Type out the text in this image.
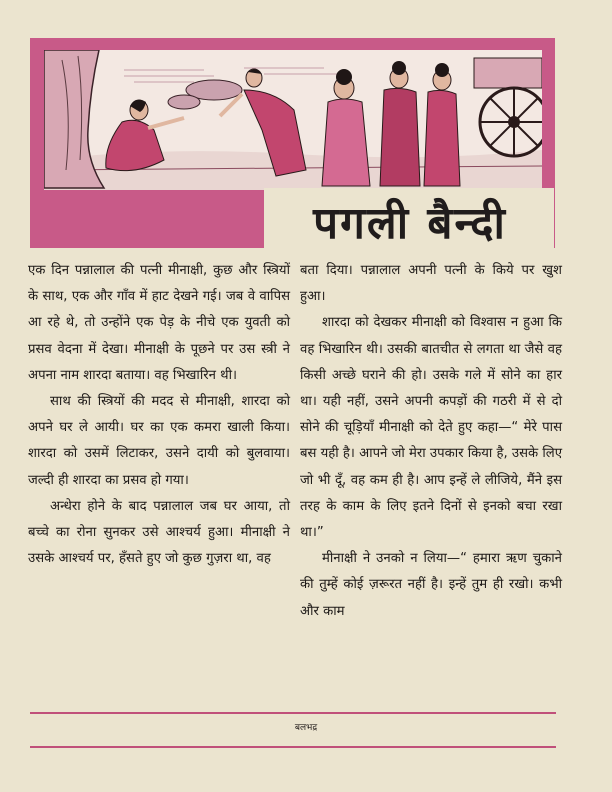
पगली बैन्दी

एक दिन पन्नालाल की पत्नी मीनाक्षी, कुछ और स्त्रियों के साथ, एक और गाँव में हाट देखने गई। जब वे वापिस आ रहे थे, तो उन्होंने एक पेड़ के नीचे एक युवती को प्रसव वेदना में देखा। मीनाक्षी के पूछने पर उस स्त्री ने अपना नाम शारदा बताया। वह भिखारिन थी।

साथ की स्त्रियों की मदद से मीनाक्षी, शारदा को अपने घर ले आयी। घर का एक कमरा खाली किया। शारदा को उसमें लिटाकर, उसने दायी को बुलवाया। जल्दी ही शारदा का प्रसव हो गया।

अन्धेरा होने के बाद पन्नालाल जब घर आया, तो बच्चे का रोना सुनकर उसे आश्चर्य हुआ। मीनाक्षी ने उसके आश्चर्य पर, हँसते हुए जो कुछ गुज़रा था, वह

बता दिया। पन्नालाल अपनी पत्नी के किये पर खुश हुआ।

शारदा को देखकर मीनाक्षी को विश्वास न हुआ कि वह भिखारिन थी। उसकी बातचीत से लगता था जैसे वह किसी अच्छे घराने की हो। उसके गले में सोने का हार था। यही नहीं, उसने अपनी कपड़ों की गठरी में से दो सोने की चूड़ियाँ मीनाक्षी को देते हुए कहा—“ मेरे पास बस यही है। आपने जो मेरा उपकार किया है, उसके लिए जो भी दूँ, वह कम ही है। आप इन्हें ले लीजिये, मैंने इस तरह के काम के लिए इतने दिनों से इनको बचा रखा था।”

मीनाक्षी ने उनको न लिया—“ हमारा ऋण चुकाने की तुम्हें कोई ज़रूरत नहीं है। इन्हें तुम ही रखो। कभी और काम

बलभद्र
